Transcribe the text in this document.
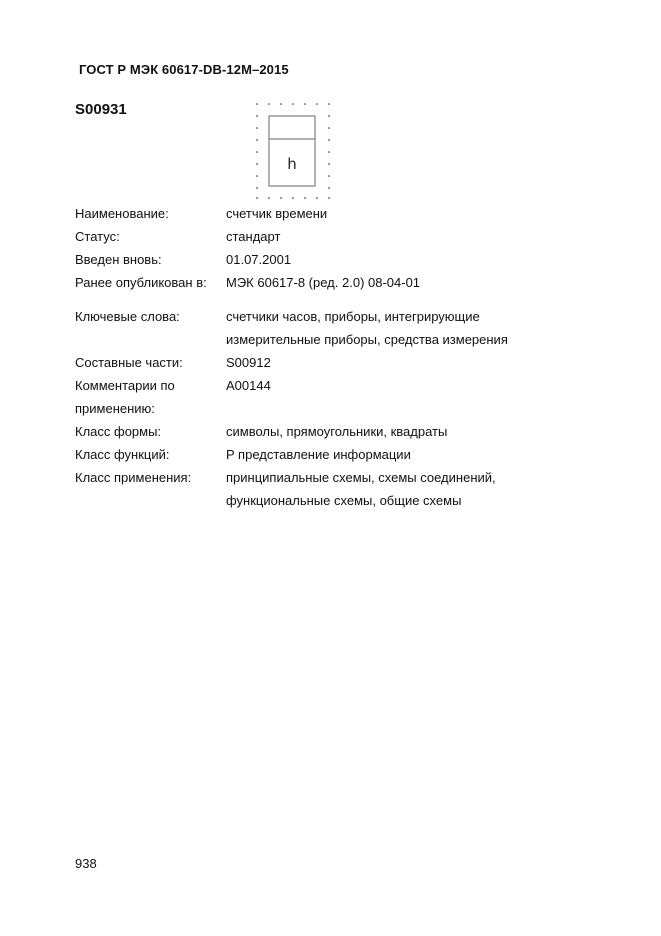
ГОСТ Р МЭК 60617-DB-12M–2015
S00931
h
Наименование:	счетчик времени
Статус:	стандарт
Введен вновь:	01.07.2001
Ранее опубликован в:	МЭК 60617-8 (ред. 2.0) 08-04-01
Ключевые слова:	счетчики часов, приборы, интегрирующие
измерительные приборы, средства измерения
Составные части:	S00912
Комментарии по	A00144
применению:
Класс формы:	символы, прямоугольники, квадраты
Класс функций:	P представление информации
Класс применения:	принципиальные схемы, схемы соединений,
функциональные схемы, общие схемы
938
